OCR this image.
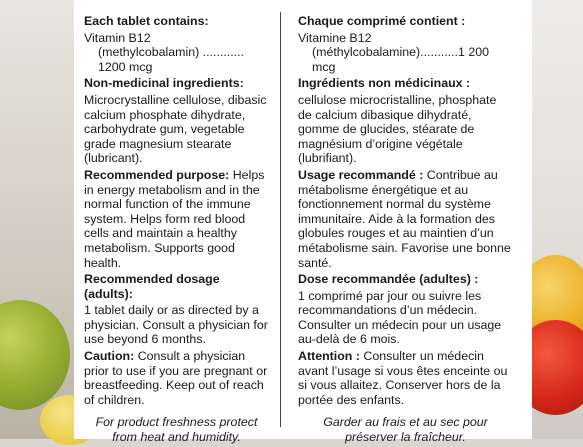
Each tablet contains:

Vitamin B12

(methylcobalamin) ............ 1200 mcg

Non-medicinal ingredients:

Microcrystalline cellulose, dibasic calcium phosphate dihydrate, carbohydrate gum, vegetable grade magnesium stearate (lubricant).

Recommended purpose: Helps in energy metabolism and in the normal function of the immune system. Helps form red blood cells and maintain a healthy metabolism. Supports good health.

Recommended dosage (adults):

1 tablet daily or as directed by a physician. Consult a physician for use beyond 6 months.

Caution: Consult a physician prior to use if you are pregnant or breastfeeding. Keep out of reach of children.

For product freshness protect from heat and humidity.

Chaque comprimé contient :

Vitamine B12

(méthylcobalamine)...........1 200 mcg

Ingrédients non médicinaux :

cellulose microcristalline, phosphate de calcium dibasique dihydraté, gomme de glucides, stéarate de magnésium d’origine végétale (lubrifiant).

Usage recommandé : Contribue au métabolisme énergétique et au fonctionnement normal du système immunitaire. Aide à la formation des globules rouges et au maintien d’un métabolisme sain. Favorise une bonne santé.

Dose recommandée (adultes) :

1 comprimé par jour ou suivre les recommandations d’un médecin. Consulter un médecin pour un usage au-delà de 6 mois.

Attention : Consulter un médecin avant l’usage si vous êtes enceinte ou si vous allaitez. Conserver hors de la portée des enfants.

Garder au frais et au sec pour préserver la fraîcheur.
